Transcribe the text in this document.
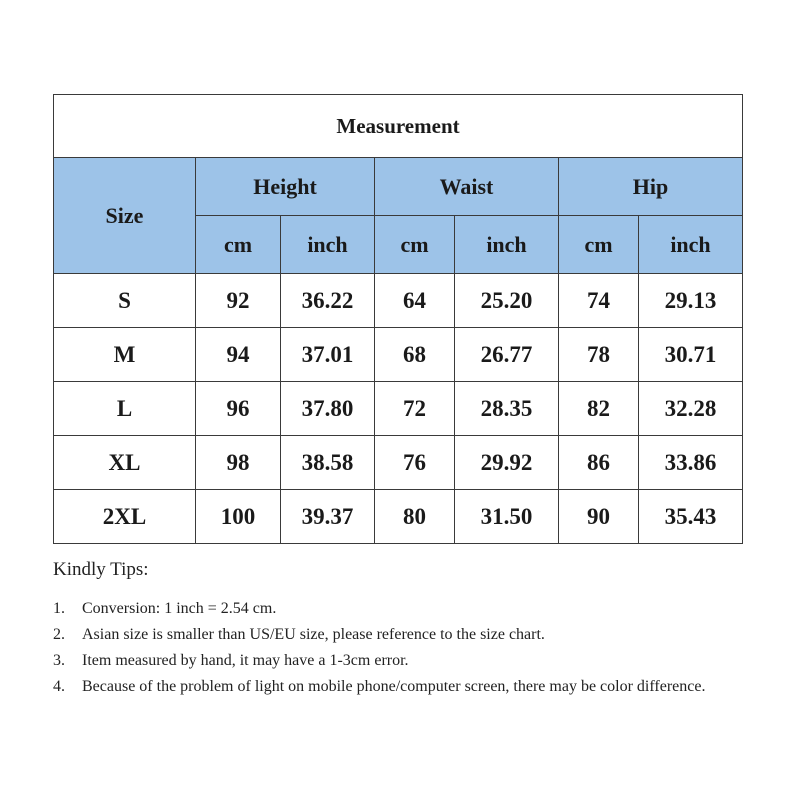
Measurement						
Size	Height		Waist		Hip	
	cm	inch	cm	inch	cm	inch
S	92	36.22	64	25.20	74	29.13
M	94	37.01	68	26.77	78	30.71
L	96	37.80	72	28.35	82	32.28
XL	98	38.58	76	29.92	86	33.86
2XL	100	39.37	80	31.50	90	35.43
Kindly Tips:
1.	Conversion: 1 inch = 2.54 cm.
2.	Asian size is smaller than US/EU size, please reference to the size chart.
3.	Item measured by hand, it may have a 1-3cm error.
4.	Because of the problem of light on mobile phone/computer screen, there may be color difference.
